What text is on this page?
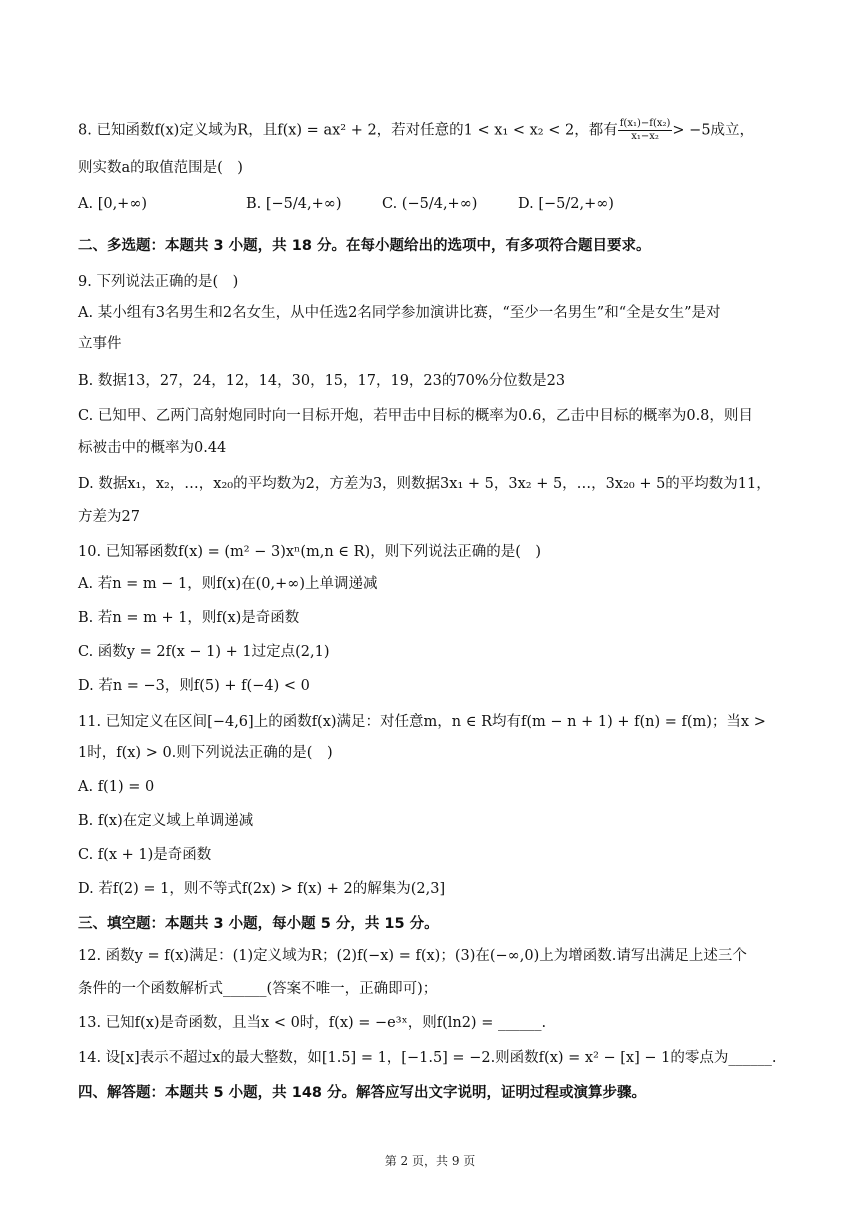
8. 已知函数f(x)定义域为R，且f(x) = ax² + 2，若对任意的1 < x₁ < x₂ < 2，都有 $\frac{\text{f(x₁)−f(x₂)}}{\text{x₁−x₂}} > -5$成立，
则实数a的取值范围是(　)
A. [0,+∞)	B. [−5/4,+∞)	C. (−5/4,+∞)	D. [−5/2,+∞)
二、多选题：本题共 3 小题，共 18 分。在每小题给出的选项中，有多项符合题目要求。
9. 下列说法正确的是(　)
A. 某小组有3名男生和2名女生，从中任选2名同学参加演讲比赛，“至少一名男生”和“全是女生”是对
立事件
B. 数据13，27，24，12，14，30，15，17，19，23的70%分位数是23
C. 已知甲、乙两门高射炮同时向一目标开炮，若甲击中目标的概率为0.6，乙击中目标的概率为0.8，则目
标被击中的概率为0.44
D. 数据x₁，x₂，…，x₂₀的平均数为2，方差为3，则数据3x₁ + 5，3x₂ + 5，…，3x₂₀ + 5的平均数为11，
方差为27
10. 已知幂函数f(x) = (m² − 3)xⁿ(m,n ∈ R)，则下列说法正确的是(　)
A. 若n = m − 1，则f(x)在(0,+∞)上单调递减
B. 若n = m + 1，则f(x)是奇函数
C. 函数y = 2f(x − 1) + 1过定点(2,1)
D. 若n = −3，则f(5) + f(−4) < 0
11. 已知定义在区间[−4,6]上的函数f(x)满足：对任意m，n ∈ R均有f(m − n + 1) + f(n) = f(m)；当x >
1时，f(x) > 0.则下列说法正确的是(　)
A. f(1) = 0
B. f(x)在定义域上单调递减
C. f(x + 1)是奇函数
D. 若f(2) = 1，则不等式f(2x) > f(x) + 2的解集为(2,3]
三、填空题：本题共 3 小题，每小题 5 分，共 15 分。
12. 函数y = f(x)满足：(1)定义域为R；(2)f(−x) = f(x)；(3)在(−∞,0)上为增函数.请写出满足上述三个
条件的一个函数解析式______(答案不唯一，正确即可)；
13. 已知f(x)是奇函数，且当x < 0时，f(x) = −e³ˣ，则f(ln2) = ______.
14. 设[x]表示不超过x的最大整数，如[1.5] = 1，[−1.5] = −2.则函数f(x) = x² − [x] − 1的零点为______.
四、解答题：本题共 5 小题，共 148 分。解答应写出文字说明，证明过程或演算步骤。
第 2 页，共 9 页
